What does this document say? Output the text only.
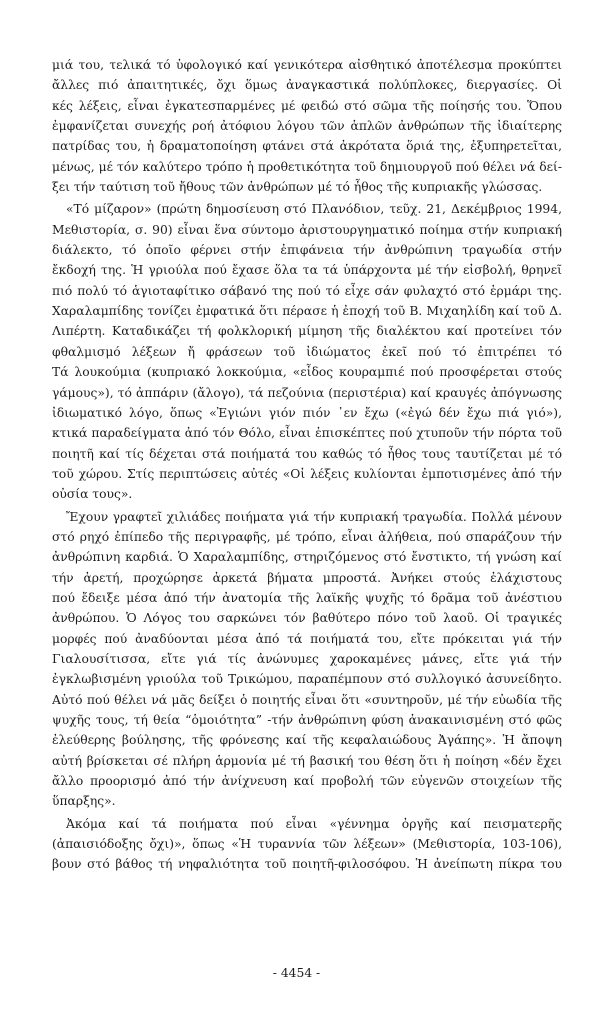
μιά του, τελικά τό ὑφολογικό καί γενικότερα αἰσθητικό ἀποτέλεσμα προκύπτει
ἄλλες πιό ἀπαιτητικές, ὄχι ὅμως ἀναγκαστικά πολύπλοκες, διεργασίες. Οἱ
κές λέξεις, εἶναι ἐγκατεσπαρμένες μέ φειδώ στό σῶμα τῆς ποίησής του. Ὅπου
ἐμφανίζεται συνεχής ροή ἀτόφιου λόγου τῶν ἁπλῶν ἀνθρώπων τῆς ἰδιαίτερης
πατρίδας του, ἡ δραματοποίηση φτάνει στά ἀκρότατα ὅριά της, ἐξυπηρετεῖται,
μένως, μέ τόν καλύτερο τρόπο ἡ προθετικότητα τοῦ δημιουργοῦ πού θέλει νά δεί-
ξει τήν ταύτιση τοῦ ἤθους τῶν ἀνθρώπων μέ τό ἦθος τῆς κυπριακῆς γλώσσας.
«Τό μίζαρον» (πρώτη δημοσίευση στό Πλανόδιον, τεῦχ. 21, Δεκέμβριος 1994,
Μεθιστορία, σ. 90) εἶναι ἕνα σύντομο ἀριστουργηματικό ποίημα στήν κυπριακή
διάλεκτο, τό ὁποῖο φέρνει στήν ἐπιφάνεια τήν ἀνθρώπινη τραγωδία στήν
ἔκδοχή της. Ἡ γριούλα πού ἔχασε ὅλα τα τά ὑπάρχοντα μέ τήν εἰσβολή, θρηνεῖ
πιό πολύ τό ἁγιοταφίτικο σάβανό της πού τό εἶχε σάν φυλαχτό στό ἑρμάρι της.
Χαραλαμπίδης τονίζει ἐμφατικά ὅτι πέρασε ἡ ἐποχή τοῦ Β. Μιχαηλίδη καί τοῦ Δ.
Λιπέρτη. Καταδικάζει τή φολκλορική μίμηση τῆς διαλέκτου καί προτείνει τόν
φθαλμισμό λέξεων ἤ φράσεων τοῦ ἰδιώματος ἐκεῖ πού τό ἐπιτρέπει τό
Τά λουκούμια (κυπριακό λοκκούμια, «εἶδος κουραμπιέ πού προσφέρεται στούς
γάμους»), τό ἀππάριν (ἄλογο), τά πεζούνια (περιστέρια) καί κραυγές ἀπόγνωσης
ἰδιωματικό λόγο, ὅπως «Ἐγιώνι γιόν πιόν ᾽εν ἔχω («ἐγώ δέν ἔχω πιά γιό»),
κτικά παραδείγματα ἀπό τόν Θόλο, εἶναι ἐπισκέπτες πού χτυποῦν τήν πόρτα τοῦ
ποιητῆ καί τίς δέχεται στά ποιήματά του καθώς τό ἦθος τους ταυτίζεται μέ τό
τοῦ χώρου. Στίς περιπτώσεις αὐτές «Οἱ λέξεις κυλίονται ἐμποτισμένες ἀπό τήν
οὐσία τους».
Ἔχουν γραφτεῖ χιλιάδες ποιήματα γιά τήν κυπριακή τραγωδία. Πολλά μένουν
στό ρηχό ἐπίπεδο τῆς περιγραφῆς, μέ τρόπο, εἶναι ἀλήθεια, πού σπαράζουν τήν
ἀνθρώπινη καρδιά. Ὁ Χαραλαμπίδης, στηριζόμενος στό ἔνστικτο, τή γνώση καί
τήν ἀρετή, προχώρησε ἀρκετά βήματα μπροστά. Ἀνήκει στούς ἐλάχιστους
πού ἔδειξε μέσα ἀπό τήν ἀνατομία τῆς λαϊκῆς ψυχῆς τό δρᾶμα τοῦ ἀνέστιου
ἀνθρώπου. Ὁ Λόγος του σαρκώνει τόν βαθύτερο πόνο τοῦ λαοῦ. Οἱ τραγικές
μορφές πού ἀναδύονται μέσα ἀπό τά ποιήματά του, εἴτε πρόκειται γιά τήν
Γιαλουσίτισσα, εἴτε γιά τίς ἀνώνυμες χαροκαμένες μάνες, εἴτε γιά τήν
ἐγκλωβισμένη γριούλα τοῦ Τρικώμου, παραπέμπουν στό συλλογικό ἀσυνείδητο.
Αὐτό πού θέλει νά μᾶς δείξει ὁ ποιητής εἶναι ὅτι «συντηροῦν, μέ τήν εὐωδία τῆς
ψυχῆς τους, τή θεία “ὁμοιότητα” -τήν ἀνθρώπινη φύση ἀνακαινισμένη στό φῶς
ἐλεύθερης βούλησης, τῆς φρόνεσης καί τῆς κεφαλαιώδους Ἀγάπης». Ἡ ἄποψη
αὐτή βρίσκεται σέ πλήρη ἁρμονία μέ τή βασική του θέση ὅτι ἡ ποίηση «δέν ἔχει
ἄλλο προορισμό ἀπό τήν ἀνίχνευση καί προβολή τῶν εὐγενῶν στοιχείων τῆς
ὕπαρξης».
Ἀκόμα καί τά ποιήματα πού εἶναι «γέννημα ὀργῆς καί πεισματερῆς
(ἀπαισιόδοξης ὄχι)», ὅπως «Ἡ τυραννία τῶν λέξεων» (Μεθιστορία, 103-106),
βουν στό βάθος τή νηφαλιότητα τοῦ ποιητῆ-φιλοσόφου. Ἡ ἀνείπωτη πίκρα του
- 4454 -
